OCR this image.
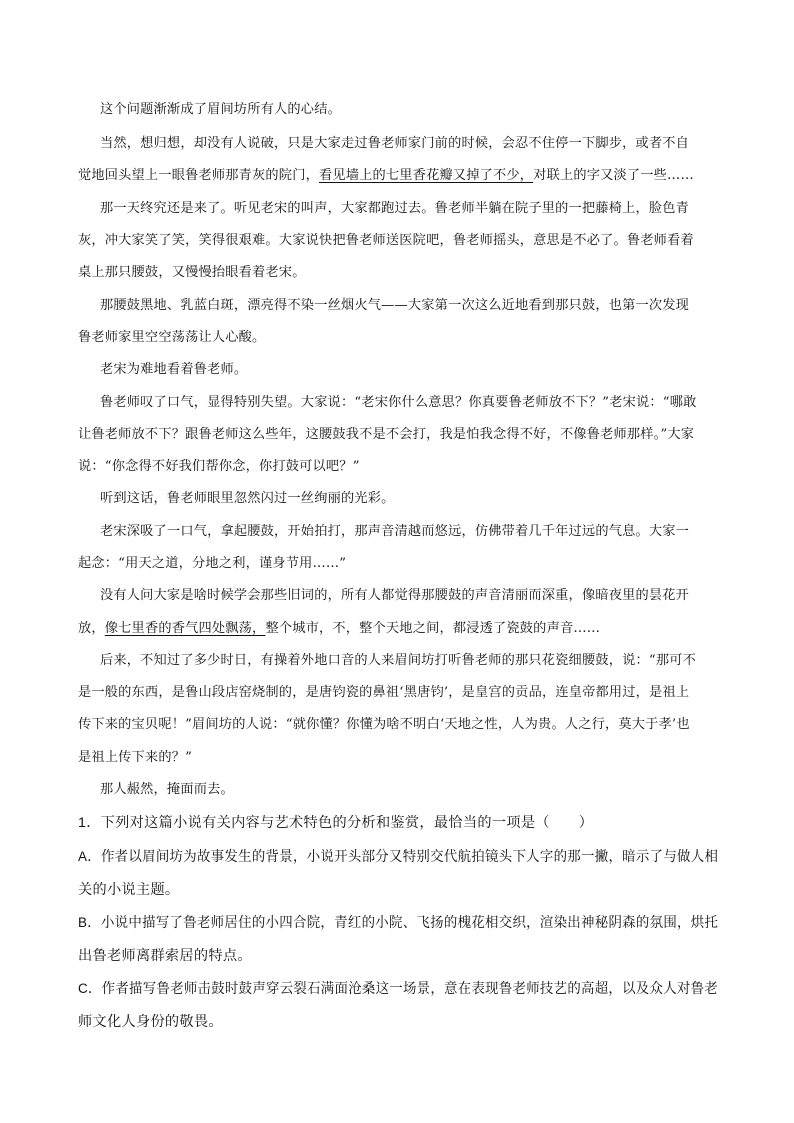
这个问题渐渐成了眉间坊所有人的心结。
当然，想归想，却没有人说破，只是大家走过鲁老师家门前的时候，会忍不住停一下脚步，或者不自
觉地回头望上一眼鲁老师那青灰的院门，看见墙上的七里香花瓣又掉了不少，对联上的字又淡了一些……
那一天终究还是来了。听见老宋的叫声，大家都跑过去。鲁老师半躺在院子里的一把藤椅上，脸色青
灰，冲大家笑了笑，笑得很艰难。大家说快把鲁老师送医院吧，鲁老师摇头，意思是不必了。鲁老师看着
桌上那只腰鼓，又慢慢抬眼看着老宋。
那腰鼓黑地、乳蓝白斑，漂亮得不染一丝烟火气——大家第一次这么近地看到那只鼓，也第一次发现
鲁老师家里空空荡荡让人心酸。
老宋为难地看着鲁老师。
鲁老师叹了口气，显得特别失望。大家说：“老宋你什么意思？你真要鲁老师放不下？”老宋说：“哪敢
让鲁老师放不下？跟鲁老师这么些年，这腰鼓我不是不会打，我是怕我念得不好，不像鲁老师那样。”大家
说：“你念得不好我们帮你念，你打鼓可以吧？”
听到这话，鲁老师眼里忽然闪过一丝绚丽的光彩。
老宋深吸了一口气，拿起腰鼓，开始拍打，那声音清越而悠远，仿佛带着几千年过远的气息。大家一
起念：“用天之道，分地之利，谨身节用……”
没有人问大家是啥时候学会那些旧词的，所有人都觉得那腰鼓的声音清丽而深重，像暗夜里的昙花开
放，像七里香的香气四处飘荡，整个城市，不，整个天地之间，都浸透了瓷鼓的声音……
后来，不知过了多少时日，有操着外地口音的人来眉间坊打听鲁老师的那只花瓷细腰鼓，说：“那可不
是一般的东西，是鲁山段店窑烧制的，是唐钧瓷的鼻祖‘黑唐钧’，是皇宫的贡品，连皇帝都用过，是祖上
传下来的宝贝呢！”眉间坊的人说：“就你懂？你懂为啥不明白‘天地之性，人为贵。人之行，莫大于孝’也
是祖上传下来的？”
那人赧然，掩面而去。
1．下列对这篇小说有关内容与艺术特色的分析和鉴赏，最恰当的一项是（　　）
A．作者以眉间坊为故事发生的背景，小说开头部分又特别交代航拍镜头下人字的那一撇，暗示了与做人相
关的小说主题。
B．小说中描写了鲁老师居住的小四合院，青红的小院、飞扬的槐花相交织，渲染出神秘阴森的氛围，烘托
出鲁老师离群索居的特点。
C．作者描写鲁老师击鼓时鼓声穿云裂石满面沧桑这一场景，意在表现鲁老师技艺的高超，以及众人对鲁老
师文化人身份的敬畏。
